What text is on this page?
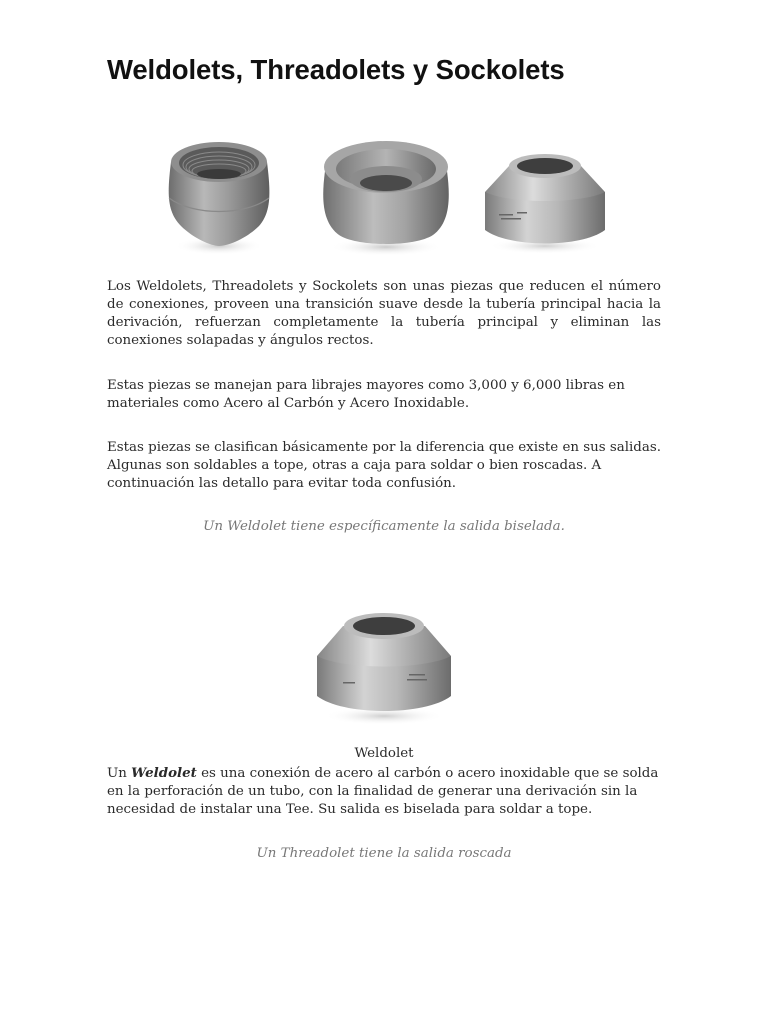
Weldolets, Threadolets y Sockolets

Los Weldolets, Threadolets y Sockolets son unas piezas que reducen el número de conexiones, proveen una transición suave desde la tubería principal hacia la derivación, refuerzan completamente la tubería principal y eliminan las conexiones solapadas y ángulos rectos.

Estas piezas se manejan para librajes mayores como 3,000 y 6,000 libras en materiales como Acero al Carbón y Acero Inoxidable.

Estas piezas se clasifican básicamente por la diferencia que existe en sus salidas. Algunas son soldables a tope, otras a caja para soldar o bien roscadas. A continuación las detallo para evitar toda confusión.

Un Weldolet tiene específicamente la salida biselada.

Weldolet

Un Weldolet es una conexión de acero al carbón o acero inoxidable que se solda en la perforación de un tubo, con la finalidad de generar una derivación sin la necesidad de instalar una Tee. Su salida es biselada para soldar a tope.

Un Threadolet tiene la salida roscada
